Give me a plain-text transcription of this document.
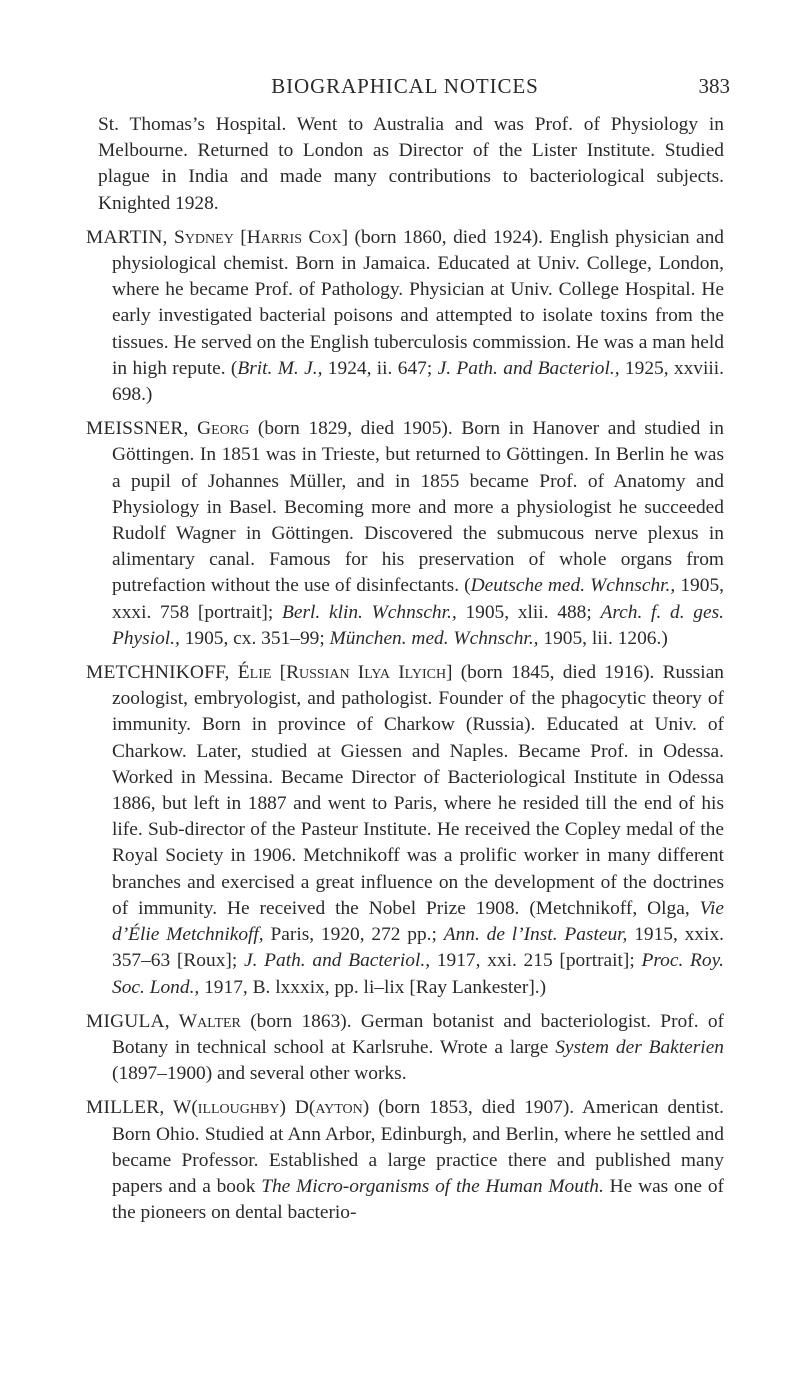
BIOGRAPHICAL NOTICES	383

St. Thomas’s Hospital. Went to Australia and was Prof. of Physiology in Melbourne. Returned to London as Director of the Lister Institute. Studied plague in India and made many contributions to bacteriological subjects. Knighted 1928.

MARTIN, Sydney [Harris Cox] (born 1860, died 1924). English physician and physiological chemist. Born in Jamaica. Educated at Univ. College, London, where he became Prof. of Pathology. Physician at Univ. College Hospital. He early investigated bacterial poisons and attempted to isolate toxins from the tissues. He served on the English tuberculosis commission. He was a man held in high repute. (Brit. M. J., 1924, ii. 647; J. Path. and Bacteriol., 1925, xxviii. 698.)

MEISSNER, Georg (born 1829, died 1905). Born in Hanover and studied in Göttingen. In 1851 was in Trieste, but returned to Göttingen. In Berlin he was a pupil of Johannes Müller, and in 1855 became Prof. of Anatomy and Physiology in Basel. Becoming more and more a physiologist he succeeded Rudolf Wagner in Göttingen. Discovered the submucous nerve plexus in alimentary canal. Famous for his preservation of whole organs from putrefaction without the use of disinfectants. (Deutsche med. Wchnschr., 1905, xxxi. 758 [portrait]; Berl. klin. Wchnschr., 1905, xlii. 488; Arch. f. d. ges. Physiol., 1905, cx. 351–99; München. med. Wchnschr., 1905, lii. 1206.)

METCHNIKOFF, Élie [Russian Ilya Ilyich] (born 1845, died 1916). Russian zoologist, embryologist, and pathologist. Founder of the phagocytic theory of immunity. Born in province of Charkow (Russia). Educated at Univ. of Charkow. Later, studied at Giessen and Naples. Became Prof. in Odessa. Worked in Messina. Became Director of Bacteriological Institute in Odessa 1886, but left in 1887 and went to Paris, where he resided till the end of his life. Sub-director of the Pasteur Institute. He received the Copley medal of the Royal Society in 1906. Metchnikoff was a prolific worker in many different branches and exercised a great influence on the development of the doctrines of immunity. He received the Nobel Prize 1908. (Metchnikoff, Olga, Vie d’Élie Metchnikoff, Paris, 1920, 272 pp.; Ann. de l’Inst. Pasteur, 1915, xxix. 357–63 [Roux]; J. Path. and Bacteriol., 1917, xxi. 215 [portrait]; Proc. Roy. Soc. Lond., 1917, B. lxxxix, pp. li–lix [Ray Lankester].)

MIGULA, Walter (born 1863). German botanist and bacteriologist. Prof. of Botany in technical school at Karlsruhe. Wrote a large System der Bakterien (1897–1900) and several other works.

MILLER, W(illoughby) D(ayton) (born 1853, died 1907). American dentist. Born Ohio. Studied at Ann Arbor, Edinburgh, and Berlin, where he settled and became Professor. Established a large practice there and published many papers and a book The Micro-organisms of the Human Mouth. He was one of the pioneers on dental bacterio-
